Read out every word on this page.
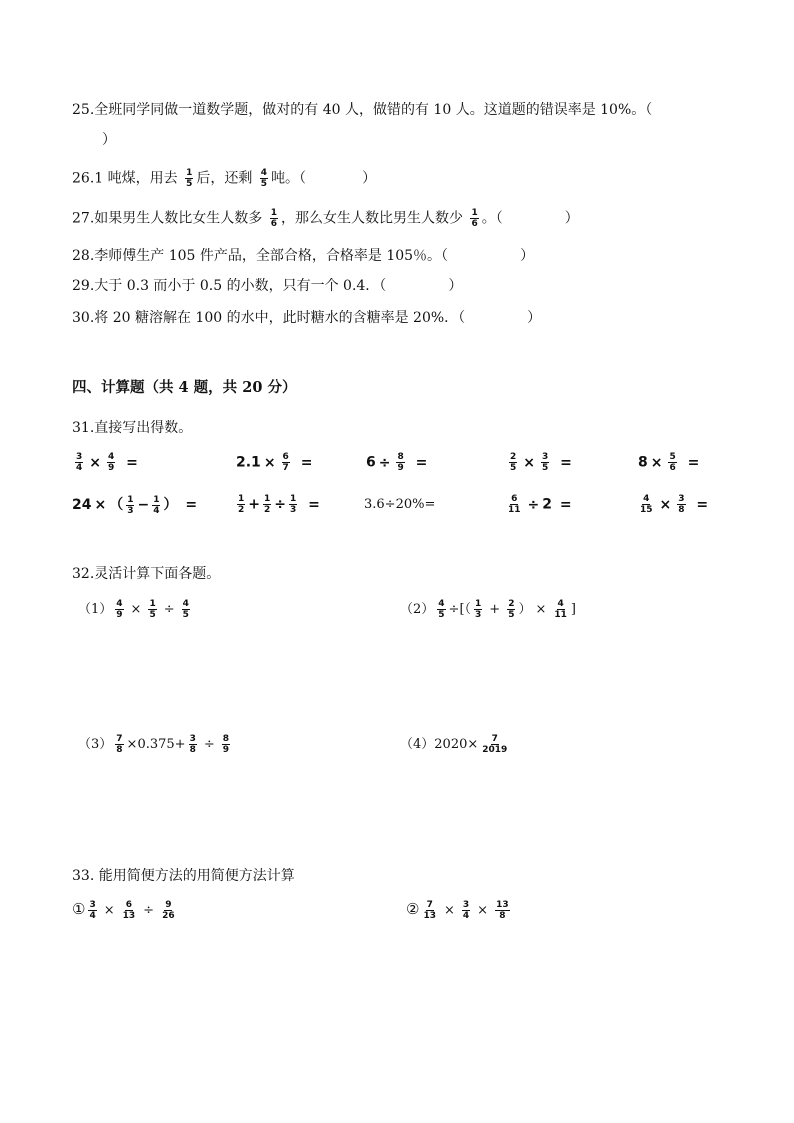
25.全班同学同做一道数学题，做对的有 40 人，做错的有 10 人。这道题的错误率是 10%。（
）
26.1 吨煤，用去 $\frac{1}{5}$ 后，还剩 $\frac{4}{5}$ 吨。（	）
27.如果男生人数比女生人数多 $\frac{1}{6}$ ，那么女生人数比男生人数少 $\frac{1}{6}$ 。（	）
28.李师傅生产 105 件产品，全部合格，合格率是 105％。（	）
29.大于 0.3 而小于 0.5 的小数，只有一个 0.4．（	）
30.将 20 糖溶解在 100 的水中，此时糖水的含糖率是 20%．（	）
四、计算题（共 4 题，共 20 分）
31.直接写出得数。
$\frac{3}{4} \times \frac{4}{9}$ =	$2.1 \times \frac{6}{7}$ =	$6 \div \frac{8}{9}$ =	$\frac{2}{5} \times \frac{3}{5}$ =	$8 \times \frac{5}{6}$ =
24 × （ $\frac{1}{3} - \frac{1}{4}$ ） =	$\frac{1}{2} + \frac{1}{2} \div \frac{1}{3}$ =	3.6÷20%=	$\frac{6}{11} \div 2$ =	$\frac{4}{15} \times \frac{3}{8}$ =
32.灵活计算下面各题。
$(1) \frac{4}{9} \times \frac{1}{5} \div \frac{4}{5}$	$(2) \frac{4}{5}$ ÷[（ $\frac{1}{3} + \frac{2}{5}$ ） × $\frac{4}{11}$ ]
$(3) \frac{7}{8} \times 0.375+ \frac{3}{8} \div \frac{8}{9}$	$(4)2020\times \frac{7}{2019}$
33. 能用简便方法的用简便方法计算
① $\frac{3}{4} \times \frac{6}{13} \div \frac{9}{26}$	② $\frac{7}{13} \times \frac{3}{4} \times \frac{13}{8}$
